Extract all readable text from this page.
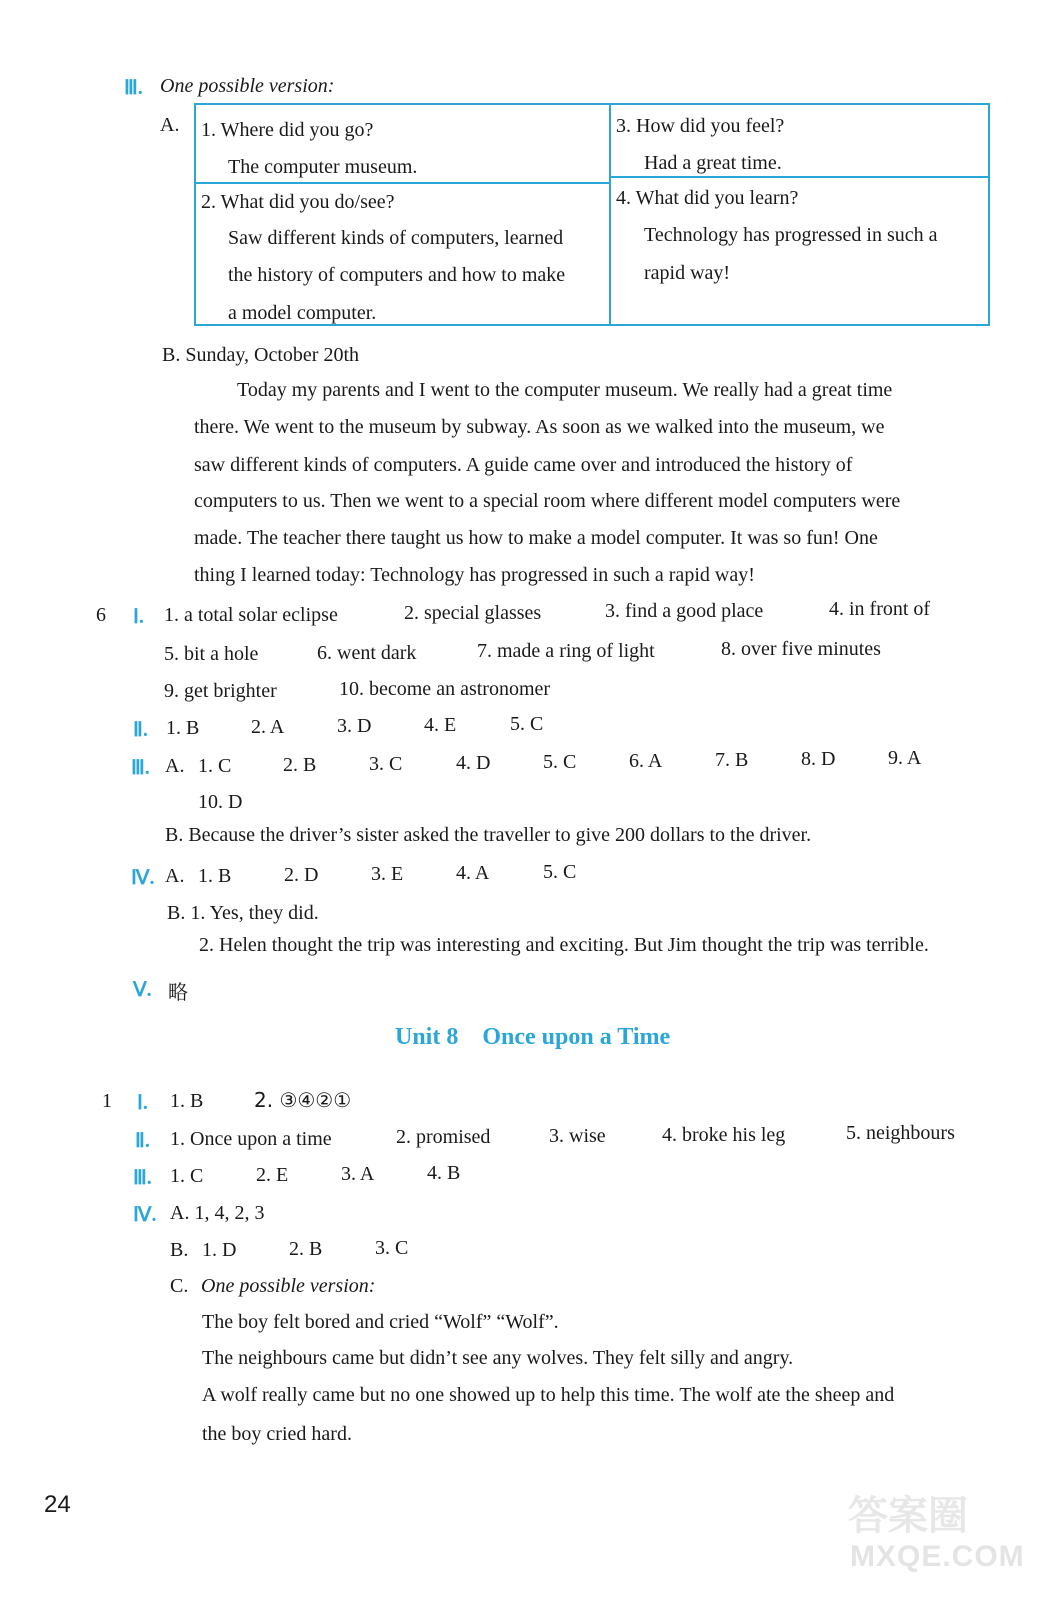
Ⅲ. One possible version:
A. 1. Where did you go?
The computer museum.
3. How did you feel?
Had a great time.
2. What did you do/see?
Saw different kinds of computers, learned
the history of computers and how to make
a model computer.
4. What did you learn?
Technology has progressed in such a
rapid way!
B. Sunday, October 20th
Today my parents and I went to the computer museum. We really had a great time
there. We went to the museum by subway. As soon as we walked into the museum, we
saw different kinds of computers. A guide came over and introduced the history of
computers to us. Then we went to a special room where different model computers were
made. The teacher there taught us how to make a model computer. It was so fun! One
thing I learned today: Technology has progressed in such a rapid way!
6 Ⅰ. 1. a total solar eclipse	2. special glasses	3. find a good place	4. in front of
5. bit a hole	6. went dark	7. made a ring of light	8. over five minutes
9. get brighter	10. become an astronomer
Ⅱ. 1. B	2. A	3. D	4. E	5. C
Ⅲ. A. 1. C	2. B	3. C	4. D	5. C	6. A	7. B	8. D	9. A
10. D
B. Because the driver’s sister asked the traveller to give 200 dollars to the driver.
Ⅳ. A. 1. B	2. D	3. E	4. A	5. C
B. 1. Yes, they did.
2. Helen thought the trip was interesting and exciting. But Jim thought the trip was terrible.
Ⅴ. 略
Unit 8    Once upon a Time
1 Ⅰ. 1. B	2. ③④②①
Ⅱ. 1. Once upon a time	2. promised	3. wise	4. broke his leg	5. neighbours
Ⅲ. 1. C	2. E	3. A	4. B
Ⅳ. A. 1, 4, 2, 3
B. 1. D	2. B	3. C
C. One possible version:
The boy felt bored and cried “Wolf” “Wolf”.
The neighbours came but didn’t see any wolves. They felt silly and angry.
A wolf really came but no one showed up to help this time. The wolf ate the sheep and
the boy cried hard.
24	答案圈
MXQE.COM
